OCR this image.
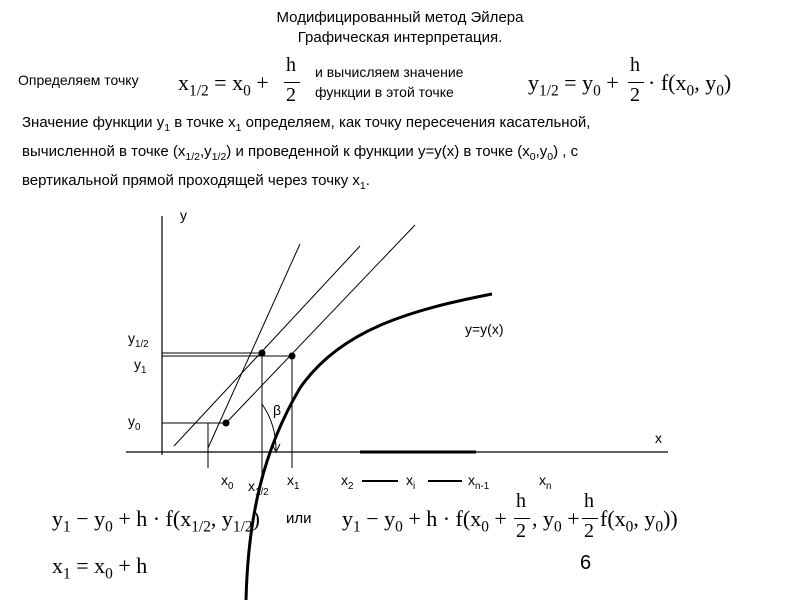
Модифицированный метод Эйлера
Графическая интерпретация.
Определяем точку $x_{1/2} = x_0$ +
h
2
и вычисляем значение
функции в этой точке	$y_{1/2} = y_0$ +
h
$2 \cdot f(x_0$, $y_0$)
Значение функции $y_1$ в точке $x_1$ определяем, как точку пересечения касательной,
вычисленной в точке $(x_{1/2},y_{1/2})$ и проведенной к функции y=y(x) в точке $(x_0,y_0)$ , с
вертикальной прямой проходящей через точку $x_1$.
y
x
y=y(x)
β
$y_{1/2}$
$y_1$
$y_0$
$x_0$ $x_{1/2}$
$x_1$	$x_2$	$x_i$	$x_{n-1}$	$x_n$
$y_1 - y_0 + h \cdot f(x_{1/2}$, $y_{1/2}$) или $y_1 - y_0 + h \cdot f(x_0$ +
h
2 , $y_0$ +
h
2 $f(x_0$, $y_0$))
$x_1 = x_0 + h$	6
